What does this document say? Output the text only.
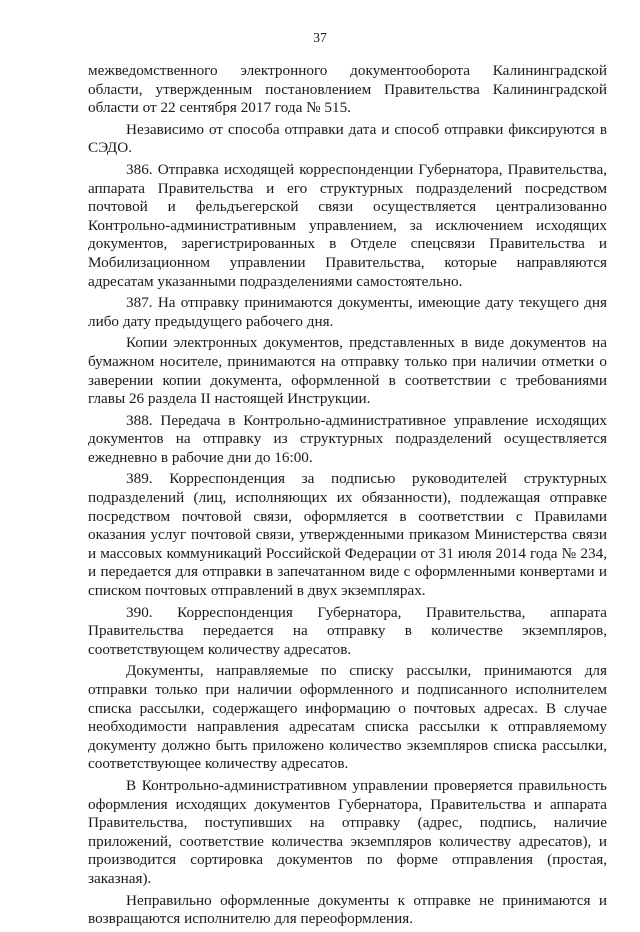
37

межведомственного электронного документооборота Калининградской области, утвержденным постановлением Правительства Калининградской области от 22 сентября 2017 года № 515.

Независимо от способа отправки дата и способ отправки фиксируются в СЭДО.

386. Отправка исходящей корреспонденции Губернатора, Правительства, аппарата Правительства и его структурных подразделений посредством почтовой и фельдъегерской связи осуществляется централизованно Контрольно-административным управлением, за исключением исходящих документов, зарегистрированных в Отделе спецсвязи Правительства и Мобилизационном управлении Правительства, которые направляются адресатам указанными подразделениями самостоятельно.

387. На отправку принимаются документы, имеющие дату текущего дня либо дату предыдущего рабочего дня.

Копии электронных документов, представленных в виде документов на бумажном носителе, принимаются на отправку только при наличии отметки о заверении копии документа, оформленной в соответствии с требованиями главы 26 раздела II настоящей Инструкции.

388. Передача в Контрольно-административное управление исходящих документов на отправку из структурных подразделений осуществляется ежедневно в рабочие дни до 16:00.

389. Корреспонденция за подписью руководителей структурных подразделений (лиц, исполняющих их обязанности), подлежащая отправке посредством почтовой связи, оформляется в соответствии с Правилами оказания услуг почтовой связи, утвержденными приказом Министерства связи и массовых коммуникаций Российской Федерации от 31 июля 2014 года № 234, и передается для отправки в запечатанном виде с оформленными конвертами и списком почтовых отправлений в двух экземплярах.

390. Корреспонденция Губернатора, Правительства, аппарата Правительства передается на отправку в количестве экземпляров, соответствующем количеству адресатов.

Документы, направляемые по списку рассылки, принимаются для отправки только при наличии оформленного и подписанного исполнителем списка рассылки, содержащего информацию о почтовых адресах. В случае необходимости направления адресатам списка рассылки к отправляемому документу должно быть приложено количество экземпляров списка рассылки, соответствующее количеству адресатов.

В Контрольно-административном управлении проверяется правильность оформления исходящих документов Губернатора, Правительства и аппарата Правительства, поступивших на отправку (адрес, подпись, наличие приложений, соответствие количества экземпляров количеству адресатов), и производится сортировка документов по форме отправления (простая, заказная).

Неправильно оформленные документы к отправке не принимаются и возвращаются исполнителю для переоформления.
